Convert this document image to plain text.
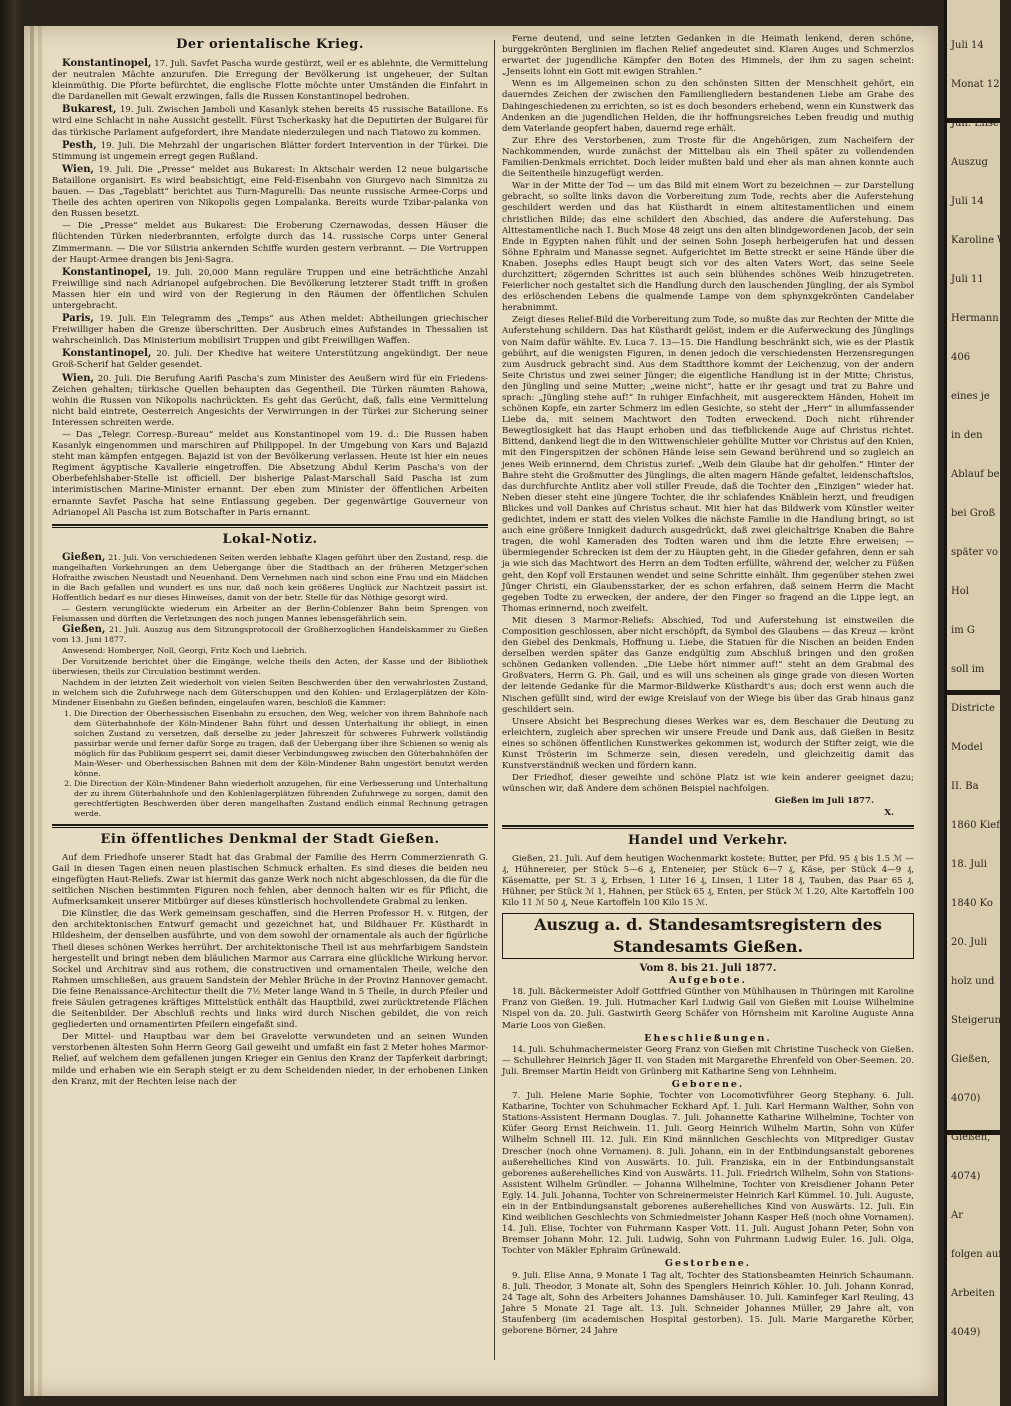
Der orientalische Krieg.

Konstantinopel, 17. Juli. Savfet Pascha wurde gestürzt, weil er es ablehnte, die Vermittelung der neutralen Mächte anzurufen. Die Erregung der Bevölkerung ist ungeheuer, der Sultan kleinmüthig. Die Pforte befürchtet, die englische Flotte möchte unter Umständen die Einfahrt in die Dardanellen mit Gewalt erzwingen, falls die Russen Konstantinopel bedrohen.

Bukarest, 19. Juli. Zwischen Jamboli und Kasanlyk stehen bereits 45 russische Bataillone. Es wird eine Schlacht in nahe Aussicht gestellt. Fürst Tscherkasky hat die Deputirten der Bulgarei für das türkische Parlament aufgefordert, ihre Mandate niederzulegen und nach Tiatowo zu kommen.

Pesth, 19. Juli. Die Mehrzahl der ungarischen Blätter fordert Intervention in der Türkei. Die Stimmung ist ungemein erregt gegen Rußland.

Wien, 19. Juli. Die „Presse“ meldet aus Bukarest: In Aktschair werden 12 neue bulgarische Bataillone organisirt. Es wird beabsichtigt, eine Feld-Eisenbahn von Giurgevo nach Simnitza zu bauen. — Das „Tageblatt“ berichtet aus Turn-Magurelli: Das neunte russische Armee-Corps und Theile des achten operiren von Nikopolis gegen Lompalanka. Bereits wurde Tzibar-palanka von den Russen besetzt.

— Die „Presse“ meldet aus Bukarest: Die Eroberung Czernawodas, dessen Häuser die flüchtenden Türken niederbrannten, erfolgte durch das 14. russische Corps unter General Zimmermann. — Die vor Silistria ankernden Schiffe wurden gestern verbrannt. — Die Vortruppen der Haupt-Armee drangen bis Jeni-Sagra.

Konstantinopel, 19. Juli. 20,000 Mann reguläre Truppen und eine beträchtliche Anzahl Freiwillige sind nach Adrianopel aufgebrochen. Die Bevölkerung letzterer Stadt trifft in großen Massen hier ein und wird von der Regierung in den Räumen der öffentlichen Schulen untergebracht.

Paris, 19. Juli. Ein Telegramm des „Temps“ aus Athen meldet: Abtheilungen griechischer Freiwilliger haben die Grenze überschritten. Der Ausbruch eines Aufstandes in Thessalien ist wahrscheinlich. Das Ministerium mobilisirt Truppen und gibt Freiwilligen Waffen.

Konstantinopel, 20. Juli. Der Khedive hat weitere Unterstützung angekündigt. Der neue Groß-Scherif hat Gelder gesendet.

Wien, 20. Juli. Die Berufung Aarifi Pascha's zum Minister des Aeußern wird für ein Friedens-Zeichen gehalten; türkische Quellen behaupten das Gegentheil. Die Türken räumten Rahowa, wohin die Russen von Nikopolis nachrückten. Es geht das Gerücht, daß, falls eine Vermittelung nicht bald eintrete, Oesterreich Angesichts der Verwirrungen in der Türkei zur Sicherung seiner Interessen schreiten werde.

— Das „Telegr. Corresp.-Bureau“ meldet aus Konstantinopel vom 19. d.: Die Russen haben Kasanlyk eingenommen und marschiren auf Philippopel. In der Umgebung von Kars und Bajazid steht man kämpfen entgegen. Bajazid ist von der Bevölkerung verlassen. Heute ist hier ein neues Regiment ägyptische Kavallerie eingetroffen. Die Absetzung Abdul Kerim Pascha's von der Oberbefehlshaber-Stelle ist officiell. Der bisherige Palast-Marschall Said Pascha ist zum interimistischen Marine-Minister ernannt. Der eben zum Minister der öffentlichen Arbeiten ernannte Savfet Pascha hat seine Entlassung gegeben. Der gegenwärtige Gouverneur von Adrianopel Ali Pascha ist zum Botschafter in Paris ernannt.

Lokal-Notiz.

Gießen, 21. Juli. Von verschiedenen Seiten werden lebhafte Klagen geführt über den Zustand, resp. die mangelhaften Vorkehrungen an dem Uebergange über die Stadtbach an der früheren Metzger'schen Hofraithe zwischen Neustadt und Neuenhand. Dem Vernehmen nach sind schon eine Frau und ein Mädchen in die Bach gefallen und wundert es uns nur, daß noch kein größeres Unglück zur Nachtzeit passirt ist. Hoffentlich bedarf es nur dieses Hinweises, damit von der betr. Stelle für das Nöthige gesorgt wird.

— Gestern verunglückte wiederum ein Arbeiter an der Berlin-Coblenzer Bahn beim Sprengen von Felsmassen und dürften die Verletzungen des noch jungen Mannes lebensgefährlich sein.

Gießen, 21. Juli. Auszug aus dem Sitzungsprotocoll der Großherzoglichen Handelskammer zu Gießen vom 13. Juni 1877.

Anwesend: Homberger, Noll, Georgi, Fritz Koch und Liebrich.

Der Vorsitzende berichtet über die Eingänge, welche theils den Acten, der Kasse und der Bibliothek überwiesen, theils zur Circulation bestimmt werden.

Nachdem in der letzten Zeit wiederholt von vielen Seiten Beschwerden über den verwahrlosten Zustand, in welchem sich die Zufuhrwege nach dem Güterschuppen und den Kohlen- und Erzlagerplätzen der Köln-Mindener Eisenbahn zu Gießen befinden, eingelaufen waren, beschloß die Kammer:

1. Die Direction der Oberhessischen Eisenbahn zu ersuchen, den Weg, welcher von ihrem Bahnhofe nach dem Güterbahnhofe der Köln-Mindener Bahn führt und dessen Unterhaltung ihr obliegt, in einen solchen Zustand zu versetzen, daß derselbe zu jeder Jahreszeit für schweres Fuhrwerk vollständig passirbar werde und ferner dafür Sorge zu tragen, daß der Uebergang über ihre Schienen so wenig als möglich für das Publikum gesperrt sei, damit dieser Verbindungsweg zwischen den Güterbahnhöfen der Main-Weser- und Oberhessischen Bahnen mit dem der Köln-Mindener Bahn ungestört benutzt werden könne.
2. Die Direction der Köln-Mindener Bahn wiederholt anzugehen, für eine Verbesserung und Unterhaltung der zu ihrem Güterbahnhofe und den Kohlenlagerplätzen führenden Zufuhrwege zu sorgen, damit den gerechtfertigten Beschwerden über deren mangelhaften Zustand endlich einmal Rechnung getragen werde.
Ein öffentliches Denkmal der Stadt Gießen.

Auf dem Friedhofe unserer Stadt hat das Grabmal der Familie des Herrn Commerzienrath G. Gail in diesen Tagen einen neuen plastischen Schmuck erhalten. Es sind dieses die beiden neu eingefügten Haut-Reliefs. Zwar ist hiermit das ganze Werk noch nicht abgeschlossen, da die für die seitlichen Nischen bestimmten Figuren noch fehlen, aber dennoch halten wir es für Pflicht, die Aufmerksamkeit unserer Mitbürger auf dieses künstlerisch hochvollendete Grabmal zu lenken.

Die Künstler, die das Werk gemeinsam geschaffen, sind die Herren Professor H. v. Ritgen, der den architektonischen Entwurf gemacht und gezeichnet hat, und Bildhauer Fr. Küsthardt in Hildesheim, der denselben ausführte, und von dem sowohl der ornamentale als auch der figürliche Theil dieses schönen Werkes herrührt. Der architektonische Theil ist aus mehrfarbigem Sandstein hergestellt und bringt neben dem bläulichen Marmor aus Carrara eine glückliche Wirkung hervor. Sockel und Architrav sind aus rothem, die constructiven und ornamentalen Theile, welche den Rahmen umschließen, aus grauem Sandstein der Mehler Brüche in der Provinz Hannover gemacht. Die feine Renaissance-Architectur theilt die 7½ Meter lange Wand in 5 Theile, in durch Pfeiler und freie Säulen getragenes kräftiges Mittelstück enthält das Hauptbild, zwei zurücktretende Flächen die Seitenbilder. Der Abschluß rechts und links wird durch Nischen gebildet, die von reich gegliederten und ornamentirten Pfeilern eingefaßt sind.

Der Mittel- und Hauptbau war dem bei Gravelotte verwundeten und an seinen Wunden verstorbenen ältesten Sohn Herrn Georg Gail geweiht und umfaßt ein fast 2 Meter hohes Marmor-Relief, auf welchem dem gefallenen jungen Krieger ein Genius den Kranz der Tapferkeit darbringt; milde und erhaben wie ein Seraph steigt er zu dem Scheidenden nieder, in der erhobenen Linken den Kranz, mit der Rechten leise nach der

Ferne deutend, und seine letzten Gedanken in die Heimath lenkend, deren schöne, burggekrönten Berglinien im flachen Relief angedeutet sind. Klaren Auges und Schmerzlos erwartet der jugendliche Kämpfer den Boten des Himmels, der ihm zu sagen scheint: „Jenseits lohnt ein Gott mit ewigen Strahlen.“

Wenn es im Allgemeinen schon zu den schönsten Sitten der Menschheit gehört, ein dauerndes Zeichen der zwischen den Familiengliedern bestandenen Liebe am Grabe des Dahingeschiedenen zu errichten, so ist es doch besonders erhebend, wenn ein Kunstwerk das Andenken an die jugendlichen Helden, die ihr hoffnungsreiches Leben freudig und muthig dem Vaterlande geopfert haben, dauernd rege erhält.

Zur Ehre des Verstorbenen, zum Troste für die Angehörigen, zum Nacheifern der Nachkommenden, wurde zunächst der Mittelbau als ein Theil später zu vollendenden Familien-Denkmals errichtet. Doch leider mußten bald und eher als man ahnen konnte auch die Seitentheile hinzugefügt werden.

War in der Mitte der Tod — um das Bild mit einem Wort zu bezeichnen — zur Darstellung gebracht, so sollte links davon die Vorbereitung zum Tode, rechts aber die Auferstehung geschildert werden und das hat Küsthardt in einem altitestamentlichen und einem christlichen Bilde; das eine schildert den Abschied, das andere die Auferstehung. Das Alttestamentliche nach 1. Buch Mose 48 zeigt uns den alten blindgewordenen Jacob, der sein Ende in Egypten nahen fühlt und der seinen Sohn Joseph herbeigerufen hat und dessen Söhne Ephraim und Manasse segnet. Aufgerichtet im Bette streckt er seine Hände über die Knaben. Josephs edles Haupt beugt sich vor des alten Vaters Wort, das seine Seele durchzittert; zögernden Schrittes ist auch sein blühendes schönes Weib hinzugetreten. Feierlicher noch gestaltet sich die Handlung durch den lauschenden Jüngling, der als Symbol des erlöschenden Lebens die qualmende Lampe von dem sphynxgekrönten Candelaber herabnimmt.

Zeigt dieses Relief-Bild die Vorbereitung zum Tode, so mußte das zur Rechten der Mitte die Auferstehung schildern. Das hat Küsthardt gelöst, indem er die Auferweckung des Jünglings von Naim dafür wählte. Ev. Luca 7. 13—15. Die Handlung beschränkt sich, wie es der Plastik gebührt, auf die wenigsten Figuren, in denen jedoch die verschiedensten Herzensregungen zum Ausdruck gebracht sind. Aus dem Stadtthore kommt der Leichenzug, von der andern Seite Christus und zwei seiner Jünger; die eigentliche Handlung ist in der Mitte; Christus, den Jüngling und seine Mutter; „weine nicht“, hatte er ihr gesagt und trat zu Bahre und sprach: „Jüngling stehe auf!“ In ruhiger Einfachheit, mit ausgerecktem Händen, Hoheit im schönen Kopfe, ein zarter Schmerz im edlen Gesichte, so steht der „Herr“ in allumfassender Liebe da, mit seinem Machtwort den Todten erweckend. Doch nicht rührender Bewegtlosigkeit hat das Haupt erhoben und das tiefblickende Auge auf Christus richtet. Bittend, dankend liegt die in den Wittwenschleier gehüllte Mutter vor Christus auf den Knien, mit den Fingerspitzen der schönen Hände leise sein Gewand berührend und so zugleich an jenes Weib erinnernd, dem Christus zurief: „Weib dein Glaube hat dir geholfen.“ Hinter der Bahre steht die Großmutter des Jünglings, die alten magern Hände gefaltet, leidenschaftslos, das durchfurchte Antlitz aber voll stiller Freude, daß die Tochter den „Einzigen“ wieder hat. Neben dieser steht eine jüngere Tochter, die ihr schlafendes Knäblein herzt, und freudigen Blickes und voll Dankes auf Christus schaut. Mit hier hat das Bildwerk vom Künstler weiter gedichtet, indem er statt des vielen Volkes die nächste Familie in die Handlung bringt, so ist auch eine größere Innigkeit dadurch ausgedrückt, daß zwei gleichaltrige Knaben die Bahre tragen, die wohl Kameraden des Todten waren und ihm die letzte Ehre erweisen; — übermiegender Schrecken ist dem der zu Häupten geht, in die Glieder gefahren, denn er sah ja wie sich das Machtwort des Herrn an dem Todten erfüllte, während der, welcher zu Füßen geht, den Kopf voll Erstaunen wendet und seine Schritte einhält. Ihm gegenüber stehen zwei Jünger Christi, ein Glaubensstarker, der es schon erfahren, daß seinem Herrn die Macht gegeben Todte zu erwecken, der andere, der den Finger so fragend an die Lippe legt, an Thomas erinnernd, noch zweifelt.

Mit diesen 3 Marmor-Reliefs: Abschied, Tod und Auferstehung ist einstweilen die Composition geschlossen, aber nicht erschöpft, da Symbol des Glaubens — das Kreuz — krönt den Giebel des Denkmals, Hoffnung u. Liebe, die Statuen für die Nischen an beiden Enden derselben werden später das Ganze endgültig zum Abschluß bringen und den großen schönen Gedanken vollenden. „Die Liebe hört nimmer auf!“ steht an dem Grabmal des Großvaters, Herrn G. Ph. Gail, und es will uns scheinen als ginge grade von diesen Worten der leitende Gedanke für die Marmor-Bildwerke Küsthardt's aus; doch erst wenn auch die Nischen gefüllt sind, wird der ewige Kreislauf von der Wiege bis über das Grab hinaus ganz geschildert sein.

Unsere Absicht bei Besprechung dieses Werkes war es, dem Beschauer die Deutung zu erleichtern, zugleich aber sprechen wir unsere Freude und Dank aus, daß Gießen in Besitz eines so schönen öffentlichen Kunstwerkes gekommen ist, wodurch der Stifter zeigt, wie die Kunst Trösterin im Schmerze sein, diesen veredeln, und gleichzeitig damit das Kunstverständniß wecken und fördern kann.

Der Friedhof, dieser geweihte und schöne Platz ist wie kein anderer geeignet dazu; wünschen wir, daß Andere dem schönen Beispiel nachfolgen.

Gießen im Juli 1877.

X.

Handel und Verkehr.

Gießen, 21. Juli. Auf dem heutigen Wochenmarkt kostete: Butter, per Pfd. 95 ₰ bis 1.5 ℳ — ₰, Hühnereier, per Stück 5—6 ₰, Enteneier, per Stück 6—7 ₰, Käse, per Stück 4—9 ₰, Käsematte, per St. 3 ₰, Erbsen, 1 Liter 16 ₰, Linsen, 1 Liter 18 ₰, Tauben, das Paar 65 ₰, Hühner, per Stück ℳ 1, Hahnen, per Stück 65 ₰, Enten, per Stück ℳ 1.20, Alte Kartoffeln 100 Kilo 11 ℳ 50 ₰, Neue Kartoffeln 100 Kilo 15 ℳ.

Auszug a. d. Standesamtsregistern des Standesamts Gießen.

Vom 8. bis 21. Juli 1877.

Aufgebote.

18. Juli. Bäckermeister Adolf Gottfried Günther von Mühlhausen in Thüringen mit Karoline Franz von Gießen. 19. Juli. Hutmacher Karl Ludwig Gail von Gießen mit Louise Wilhelmine Nispel von da. 20. Juli. Gastwirth Georg Schäfer von Hörnsheim mit Karoline Auguste Anna Marie Loos von Gießen.

Eheschließungen.

14. Juli. Schuhmachermeister Georg Franz von Gießen mit Christine Tuscheck von Gießen. — Schullehrer Heinrich Jäger II. von Staden mit Margarethe Ehrenfeld von Ober-Seemen. 20. Juli. Bremser Martin Heidt von Grünberg mit Katharine Seng von Lehnheim.

Geborene.

7. Juli. Helene Marie Sophie, Tochter von Locomotivführer Georg Stephany. 6. Juli. Katharine, Tochter von Schuhmacher Eckhard Apf. 1. Juli. Karl Hermann Walther, Sohn von Stations-Assistent Hermann Douglas. 7. Juli. Johannette Katharine Wilhelmine, Tochter von Küfer Georg Ernst Reichwein. 11. Juli. Georg Heinrich Wilhelm Martin, Sohn von Küfer Wilhelm Schnell III. 12. Juli. Ein Kind männlichen Geschlechts von Mitprediger Gustav Drescher (noch ohne Vornamen). 8. Juli. Johann, ein in der Entbindungsanstalt geborenes außerehelliches Kind von Auswärts. 10. Juli. Franziska, ein in der Entbindungsanstalt geborenes außerehelliches Kind von Auswärts. 11. Juli. Friedrich Wilhelm, Sohn von Stations-Assistent Wilhelm Gründler. — Johanna Wilhelmine, Tochter von Kreisdiener Johann Peter Egly. 14. Juli. Johanna, Tochter von Schreinermeister Heinrich Karl Kümmel. 10. Juli. Auguste, ein in der Entbindungsanstalt geborenes außerehelliches Kind von Auswärts. 12. Juli. Ein Kind weiblichen Geschlechts von Schmiedmeister Johann Kasper Heß (noch ohne Vornamen). 14. Juli. Elise, Tochter von Fuhrmann Kasper Vott. 11. Juli. August Johann Peter, Sohn von Bremser Johann Mohr. 12. Juli. Ludwig, Sohn von Fuhrmann Ludwig Euler. 16. Juli. Olga, Tochter von Mäkler Ephraim Grünewald.

Gestorbene.

9. Juli. Elise Anna, 9 Monate 1 Tag alt, Tochter des Stationsbeamten Heinrich Schaumann. 8. Juli. Theodor, 3 Monate alt, Sohn des Spenglers Heinrich Köhler. 10. Juli. Johann Konrad, 24 Tage alt, Sohn des Arbeiters Johannes Damshäuser. 10. Juli. Kaminfeger Karl Reuling, 43 Jahre 5 Monate 21 Tage alt. 13. Juli. Schneider Johannes Müller, 29 Jahre alt, von Staufenberg (im academischen Hospital gestorben). 15. Juli. Marie Margarethe Körber, geborene Börner, 24 Jahre

Juli 14
Monat 12
Juli. Elise
Auszug
Juli 14
Karoline Wi
Juli 11
Hermann K
406
eines je
in den
Ablauf be
bei Groß
später vo
Hol
im G
soll im
Districte
Model
II. Ba
1860 Kiefer
18. Juli
1840 Ko
20. Juli
holz und
Steigerung
Gießen,
4070)
Gießen,
4074)
Ar
folgen auf
Arbeiten
4049)
